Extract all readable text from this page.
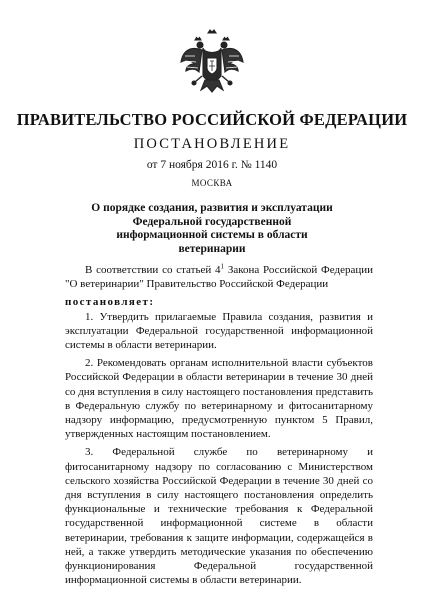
ПРАВИТЕЛЬСТВО РОССИЙСКОЙ ФЕДЕРАЦИИ
ПОСТАНОВЛЕНИЕ
от 7 ноября 2016 г. № 1140
МОСКВА
О порядке создания, развития и эксплуатации Федеральной государственной информационной системы в области ветеринарии

В соответствии со статьей $4^1$ Закона Российской Федерации "О ветеринарии" Правительство Российской Федерации

постановляет:

1. Утвердить прилагаемые Правила создания, развития и эксплуатации Федеральной государственной информационной системы в области ветеринарии.

2. Рекомендовать органам исполнительной власти субъектов Российской Федерации в области ветеринарии в течение 30 дней со дня вступления в силу настоящего постановления представить в Федеральную службу по ветеринарному и фитосанитарному надзору информацию, предусмотренную пунктом 5 Правил, утвержденных настоящим постановлением.

3. Федеральной службе по ветеринарному и фитосанитарному надзору по согласованию с Министерством сельского хозяйства Российской Федерации в течение 30 дней со дня вступления в силу настоящего постановления определить функциональные и технические требования к Федеральной государственной информационной системе в области ветеринарии, требования к защите информации, содержащейся в ней, а также утвердить методические указания по обеспечению функционирования Федеральной государственной информационной системы в области ветеринарии.
